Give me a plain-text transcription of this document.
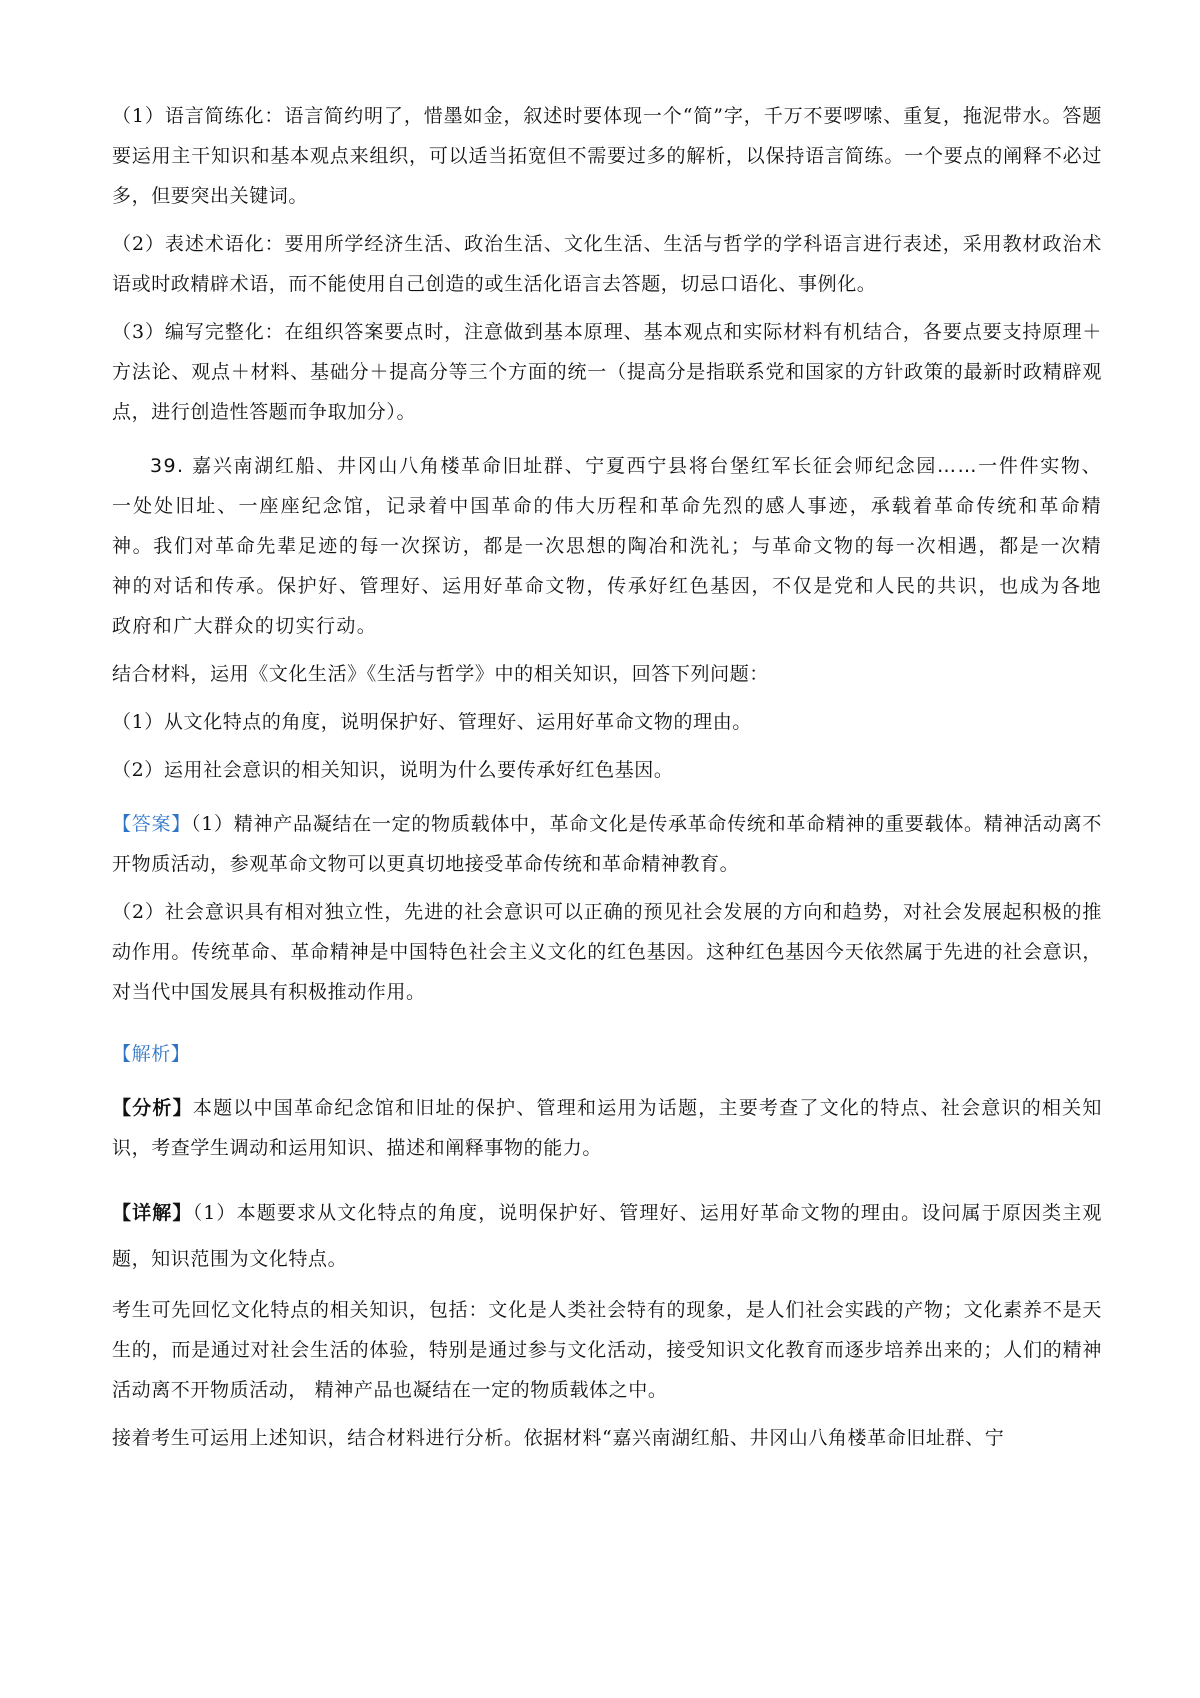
（1）语言简练化：语言简约明了，惜墨如金，叙述时要体现一个“简”字，千万不要啰嗦、重复，拖泥带水。答题要运用主干知识和基本观点来组织，可以适当拓宽但不需要过多的解析，以保持语言简练。一个要点的阐释不必过多，但要突出关键词。

（2）表述术语化：要用所学经济生活、政治生活、文化生活、生活与哲学的学科语言进行表述，采用教材政治术语或时政精辟术语，而不能使用自己创造的或生活化语言去答题，切忌口语化、事例化。

（3）编写完整化：在组织答案要点时，注意做到基本原理、基本观点和实际材料有机结合，各要点要支持原理＋方法论、观点＋材料、基础分＋提高分等三个方面的统一（提高分是指联系党和国家的方针政策的最新时政精辟观点，进行创造性答题而争取加分）。

39. 嘉兴南湖红船、井冈山八角楼革命旧址群、宁夏西宁县将台堡红军长征会师纪念园……一件件实物、一处处旧址、一座座纪念馆，记录着中国革命的伟大历程和革命先烈的感人事迹，承载着革命传统和革命精神。我们对革命先辈足迹的每一次探访，都是一次思想的陶冶和洗礼；与革命文物的每一次相遇，都是一次精神的对话和传承。保护好、管理好、运用好革命文物，传承好红色基因，不仅是党和人民的共识，也成为各地政府和广大群众的切实行动。

结合材料，运用《文化生活》《生活与哲学》中的相关知识，回答下列问题：

（1）从文化特点的角度，说明保护好、管理好、运用好革命文物的理由。

（2）运用社会意识的相关知识，说明为什么要传承好红色基因。

【答案】（1）精神产品凝结在一定的物质载体中，革命文化是传承革命传统和革命精神的重要载体。精神活动离不开物质活动，参观革命文物可以更真切地接受革命传统和革命精神教育。

（2）社会意识具有相对独立性，先进的社会意识可以正确的预见社会发展的方向和趋势，对社会发展起积极的推动作用。传统革命、革命精神是中国特色社会主义文化的红色基因。这种红色基因今天依然属于先进的社会意识，对当代中国发展具有积极推动作用。

【解析】

【分析】本题以中国革命纪念馆和旧址的保护、管理和运用为话题，主要考查了文化的特点、社会意识的相关知识，考查学生调动和运用知识、描述和阐释事物的能力。

【详解】（1）本题要求从文化特点的角度，说明保护好、管理好、运用好革命文物的理由。设问属于原因类主观题，知识范围为文化特点。

考生可先回忆文化特点的相关知识，包括：文化是人类社会特有的现象，是人们社会实践的产物；文化素养不是天生的，而是通过对社会生活的体验，特别是通过参与文化活动，接受知识文化教育而逐步培养出来的；人们的精神活动离不开物质活动， 精神产品也凝结在一定的物质载体之中。

接着考生可运用上述知识，结合材料进行分析。依据材料“嘉兴南湖红船、井冈山八角楼革命旧址群、宁
